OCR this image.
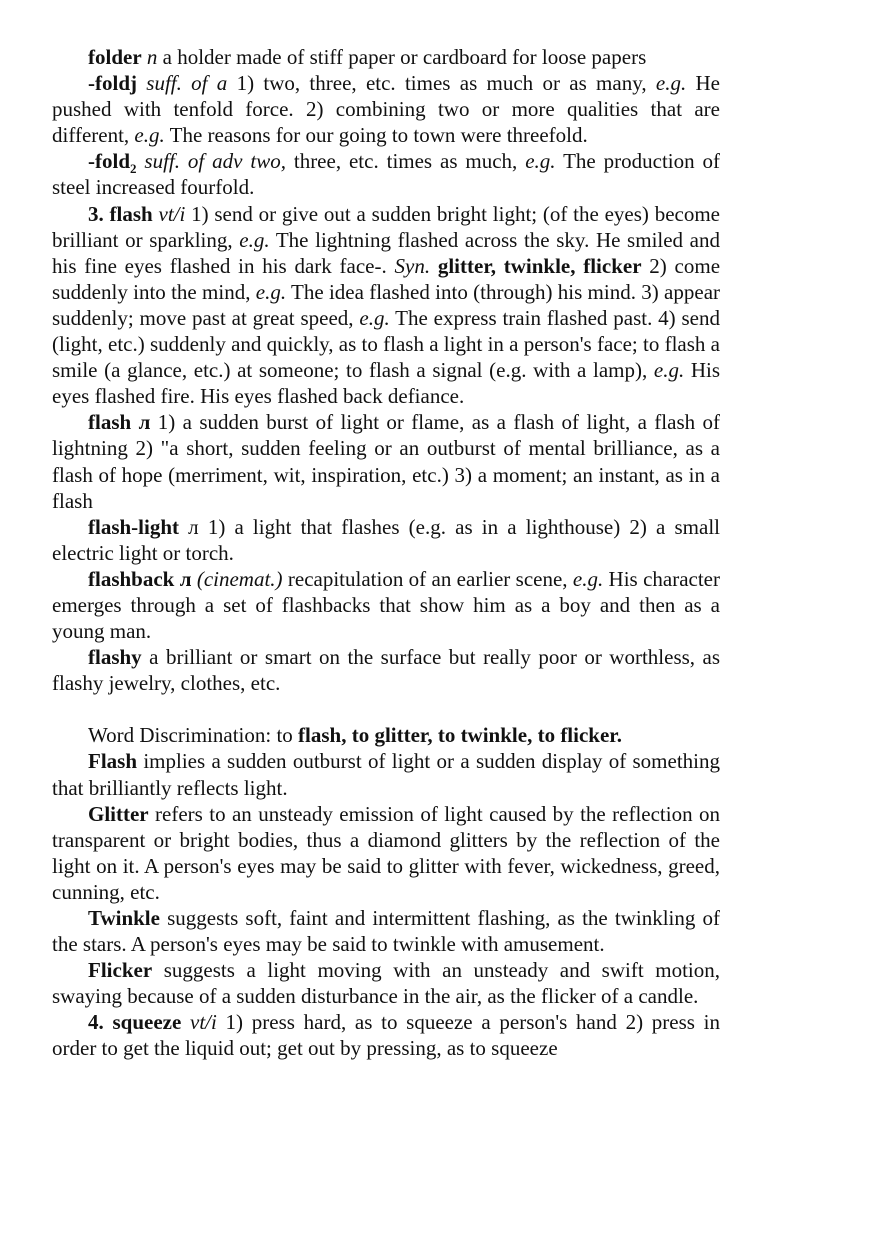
folder n a holder made of stiff paper or cardboard for loose papers

-foldj suff. of a 1) two, three, etc. times as much or as many, e.g. He pushed with tenfold force. 2) combining two or more qualities that are different, e.g. The reasons for our going to town were threefold.

-fold$_2$ suff. of adv two, three, etc. times as much, e.g. The production of steel increased fourfold.

3. flash vt/i 1) send or give out a sudden bright light; (of the eyes) become brilliant or sparkling, e.g. The lightning flashed across the sky. He smiled and his fine eyes flashed in his dark face-. Syn. glitter, twinkle, flicker 2) come suddenly into the mind, e.g. The idea flashed into (through) his mind. 3) appear suddenly; move past at great speed, e.g. The express train flashed past. 4) send (light, etc.) suddenly and quickly, as to flash a light in a person's face; to flash a smile (a glance, etc.) at someone; to flash a signal (e.g. with a lamp), e.g. His eyes flashed fire. His eyes flashed back defiance.

flash л 1) a sudden burst of light or flame, as a flash of light, a flash of lightning 2) "a short, sudden feeling or an outburst of mental brilliance, as a flash of hope (merriment, wit, inspiration, etc.) 3) a moment; an instant, as in a flash

flash-light л 1) a light that flashes (e.g. as in a lighthouse) 2) a small electric light or torch.

flashback л (cinemat.) recapitulation of an earlier scene, e.g. His character emerges through a set of flashbacks that show him as a boy and then as a young man.

flashy a brilliant or smart on the surface but really poor or worthless, as flashy jewelry, clothes, etc.

Word Discrimination: to flash, to glitter, to twinkle, to flicker.

Flash implies a sudden outburst of light or a sudden display of something that brilliantly reflects light.

Glitter refers to an unsteady emission of light caused by the reflection on transparent or bright bodies, thus a diamond glitters by the reflection of the light on it. A person's eyes may be said to glitter with fever, wickedness, greed, cunning, etc.

Twinkle suggests soft, faint and intermittent flashing, as the twinkling of the stars. A person's eyes may be said to twinkle with amusement.

Flicker suggests a light moving with an unsteady and swift motion, swaying because of a sudden disturbance in the air, as the flicker of a candle.

4. squeeze vt/i 1) press hard, as to squeeze a person's hand 2) press in order to get the liquid out; get out by pressing, as to squeeze
